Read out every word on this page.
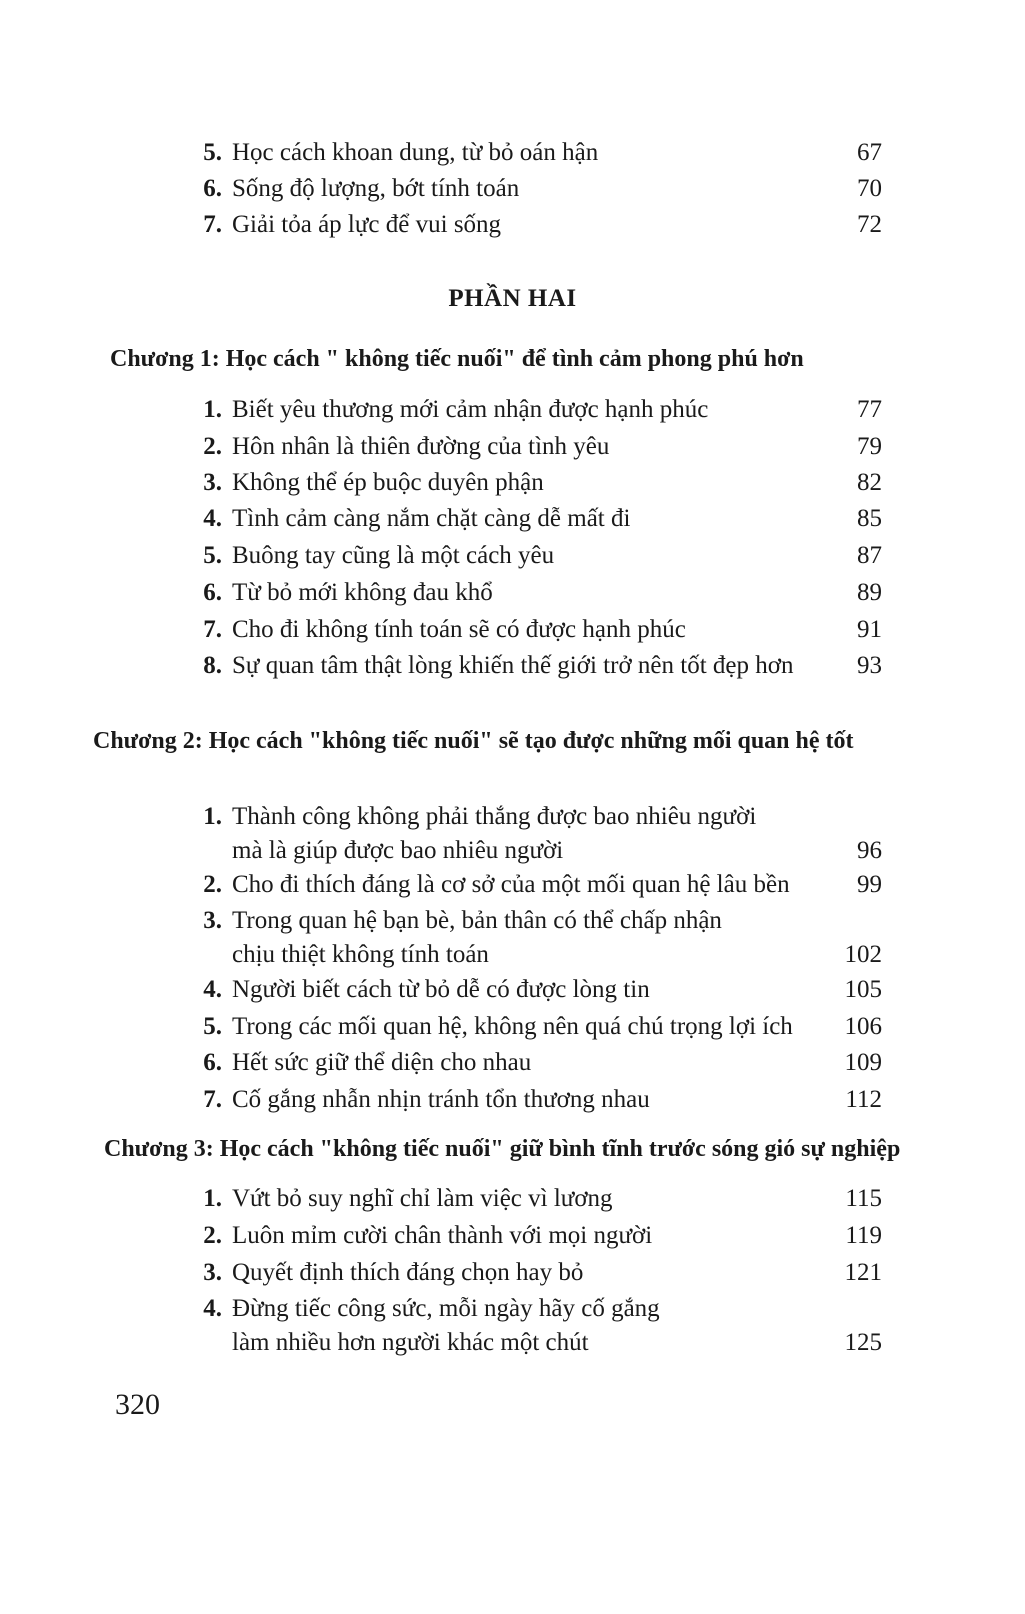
5. Học cách khoan dung, từ bỏ oán hận	67
6. Sống độ lượng, bớt tính toán	70
7. Giải tỏa áp lực để vui sống	72
PHẦN HAI
Chương 1: Học cách " không tiếc nuối" để tình cảm phong phú hơn
1. Biết yêu thương mới cảm nhận được hạnh phúc	77
2. Hôn nhân là thiên đường của tình yêu	79
3. Không thể ép buộc duyên phận	82
4. Tình cảm càng nắm chặt càng dễ mất đi	85
5. Buông tay cũng là một cách yêu	87
6. Từ bỏ mới không đau khổ	89
7. Cho đi không tính toán sẽ có được hạnh phúc	91
8. Sự quan tâm thật lòng khiến thế giới trở nên tốt đẹp hơn	93
Chương 2: Học cách "không tiếc nuối" sẽ tạo được những mối quan hệ tốt
1. Thành công không phải thắng được bao nhiêu người
mà là giúp được bao nhiêu người	96
2. Cho đi thích đáng là cơ sở của một mối quan hệ lâu bền	99
3. Trong quan hệ bạn bè, bản thân có thể chấp nhận
chịu thiệt không tính toán	102
4. Người biết cách từ bỏ dễ có được lòng tin	105
5. Trong các mối quan hệ, không nên quá chú trọng lợi ích	106
6. Hết sức giữ thể diện cho nhau	109
7. Cố gắng nhẫn nhịn tránh tổn thương nhau	112
Chương 3: Học cách "không tiếc nuối" giữ bình tĩnh trước sóng gió sự nghiệp
1. Vứt bỏ suy nghĩ chỉ làm việc vì lương	115
2. Luôn mỉm cười chân thành với mọi người	119
3. Quyết định thích đáng chọn hay bỏ	121
4. Đừng tiếc công sức, mỗi ngày hãy cố gắng
làm nhiều hơn người khác một chút	125
320
